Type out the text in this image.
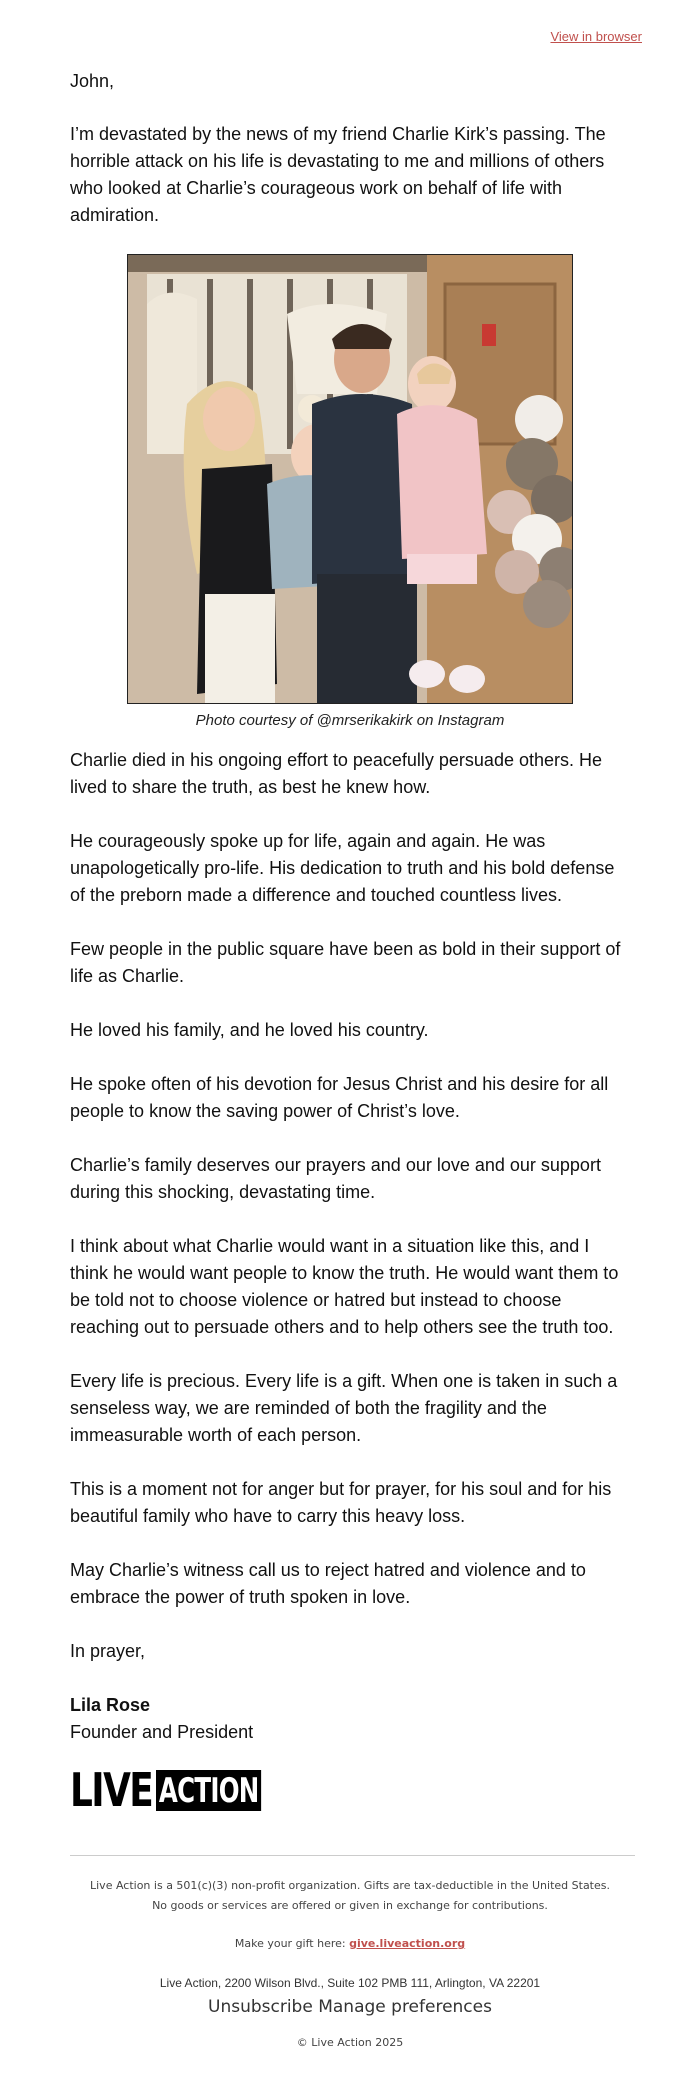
View in browser
John,

I’m devastated by the news of my friend Charlie Kirk’s passing. The horrible attack on his life is devastating to me and millions of others who looked at Charlie’s courageous work on behalf of life with admiration.

Photo courtesy of @mrserikakirk on Instagram

Charlie died in his ongoing effort to peacefully persuade others. He lived to share the truth, as best he knew how.

He courageously spoke up for life, again and again. He was unapologetically pro-life. His dedication to truth and his bold defense of the preborn made a difference and touched countless lives.

Few people in the public square have been as bold in their support of life as Charlie.

He loved his family, and he loved his country.

He spoke often of his devotion for Jesus Christ and his desire for all people to know the saving power of Christ’s love.

Charlie’s family deserves our prayers and our love and our support during this shocking, devastating time.

I think about what Charlie would want in a situation like this, and I think he would want people to know the truth. He would want them to be told not to choose violence or hatred but instead to choose reaching out to persuade others and to help others see the truth too.

Every life is precious. Every life is a gift. When one is taken in such a senseless way, we are reminded of both the fragility and the immeasurable worth of each person.

This is a moment not for anger but for prayer, for his soul and for his beautiful family who have to carry this heavy loss.

May Charlie’s witness call us to reject hatred and violence and to embrace the power of truth spoken in love.

In prayer,

Lila Rose
Founder and President
LIVE ACTION
Live Action is a 501(c)(3) non-profit organization. Gifts are tax-deductible in the United States.
No goods or services are offered or given in exchange for contributions.
Make your gift here: give.liveaction.org
Live Action, 2200 Wilson Blvd., Suite 102 PMB 111, Arlington, VA 22201
Unsubscribe Manage preferences
© Live Action 2025
